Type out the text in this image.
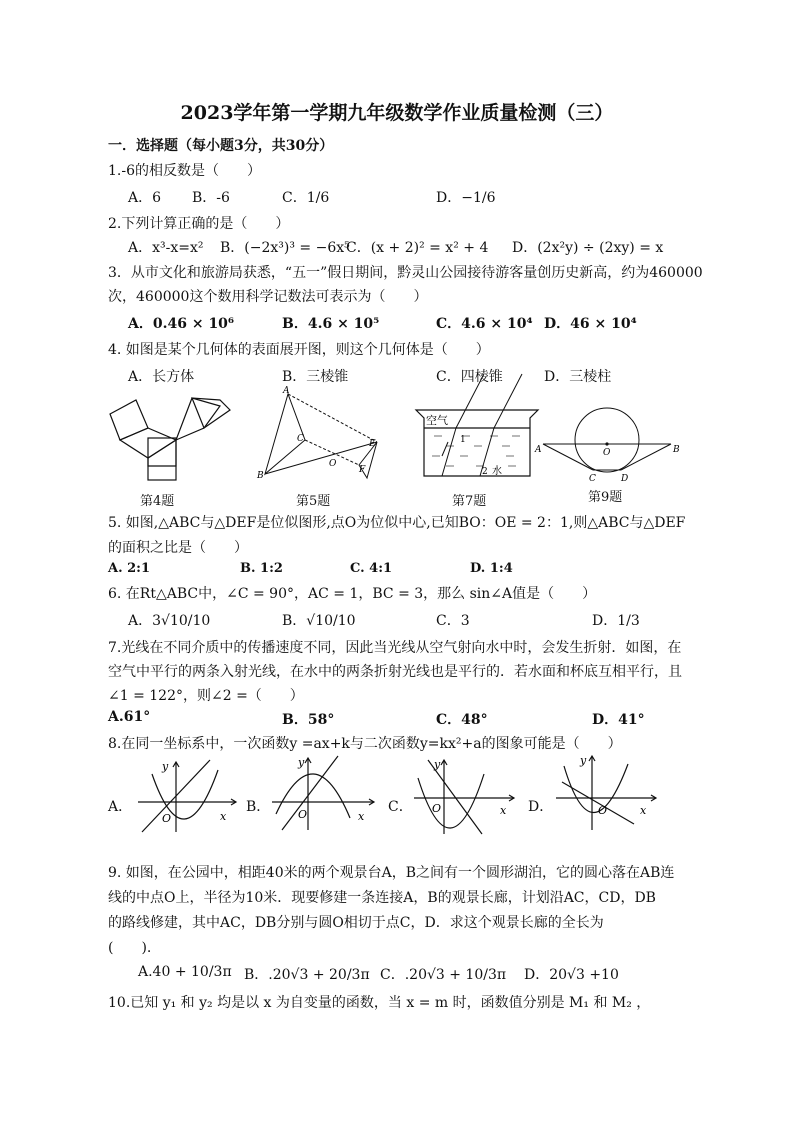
2023学年第一学期九年级数学作业质量检测（三）
一．选择题（每小题3分，共30分）
1.-6的相反数是（　　）
A．6 B．-6	C．1/6	D．−1/6
2.下列计算正确的是（　　）
A．x³-x=x² B．(−2x³)³ = −6x⁵
C．(x + 2)² = x² + 4 D．(2x²y) ÷ (2xy) = x
3．从市文化和旅游局获悉，“五一”假日期间，黔灵山公园接待游客量创历史新高，约为460000
次，460000这个数用科学记数法可表示为（　　）
A．0.46 × 10⁶	B．4.6 × 10⁵	C．4.6 × 10⁴ D．46 × 10⁴
4. 如图是某个几何体的表面展开图，则这个几何体是（　　）
A．长方体	B．三棱锥	C．四棱锥	D．三棱柱
第4题
A
B
C
O
E
F
第5题
空气
1
2 水
第7题
A	B
O
C	D
第9题
5. 如图,△ABC与△DEF是位似图形,点O为位似中心,已知BO：OE = 2：1,则△ABC与△DEF
的面积之比是（　　）
A. 2:1	B. 1:2	C. 4:1	D. 1:4
6. 在Rt△ABC中，∠C = 90°，AC = 1，BC = 3，那么 sin∠A值是（　　）
A．3√10/10	B．√10/10	C．3	D．1/3
7.光线在不同介质中的传播速度不同，因此当光线从空气射向水中时，会发生折射．如图，在
空气中平行的两条入射光线，在水中的两条折射光线也是平行的．若水面和杯底互相平行，且
∠1 = 122°，则∠2 =（　　）
A.61°	B．58°	C．48°	D．41°
8.在同一坐标系中，一次函数y =ax+k与二次函数y=kx²+a的图象可能是（　　）
A．
y
x
O
B．
y
x
O	C．
y
x
O	D．
y
x
O
9. 如图，在公园中，相距40米的两个观景台A，B之间有一个圆形湖泊，它的圆心落在AB连
线的中点O上，半径为10米．现要修建一条连接A，B的观景长廊，计划沿AC，CD，DB
的路线修建，其中AC，DB分别与圆O相切于点C，D．求这个观景长廊的全长为
(　　).
A.40 + 10/3π B．.20√3 + 20/3π C．.20√3 + 10/3π D．20√3 +10
10.已知 y₁ 和 y₂ 均是以 x 为自变量的函数，当 x = m 时，函数值分别是 M₁ 和 M₂ ，
